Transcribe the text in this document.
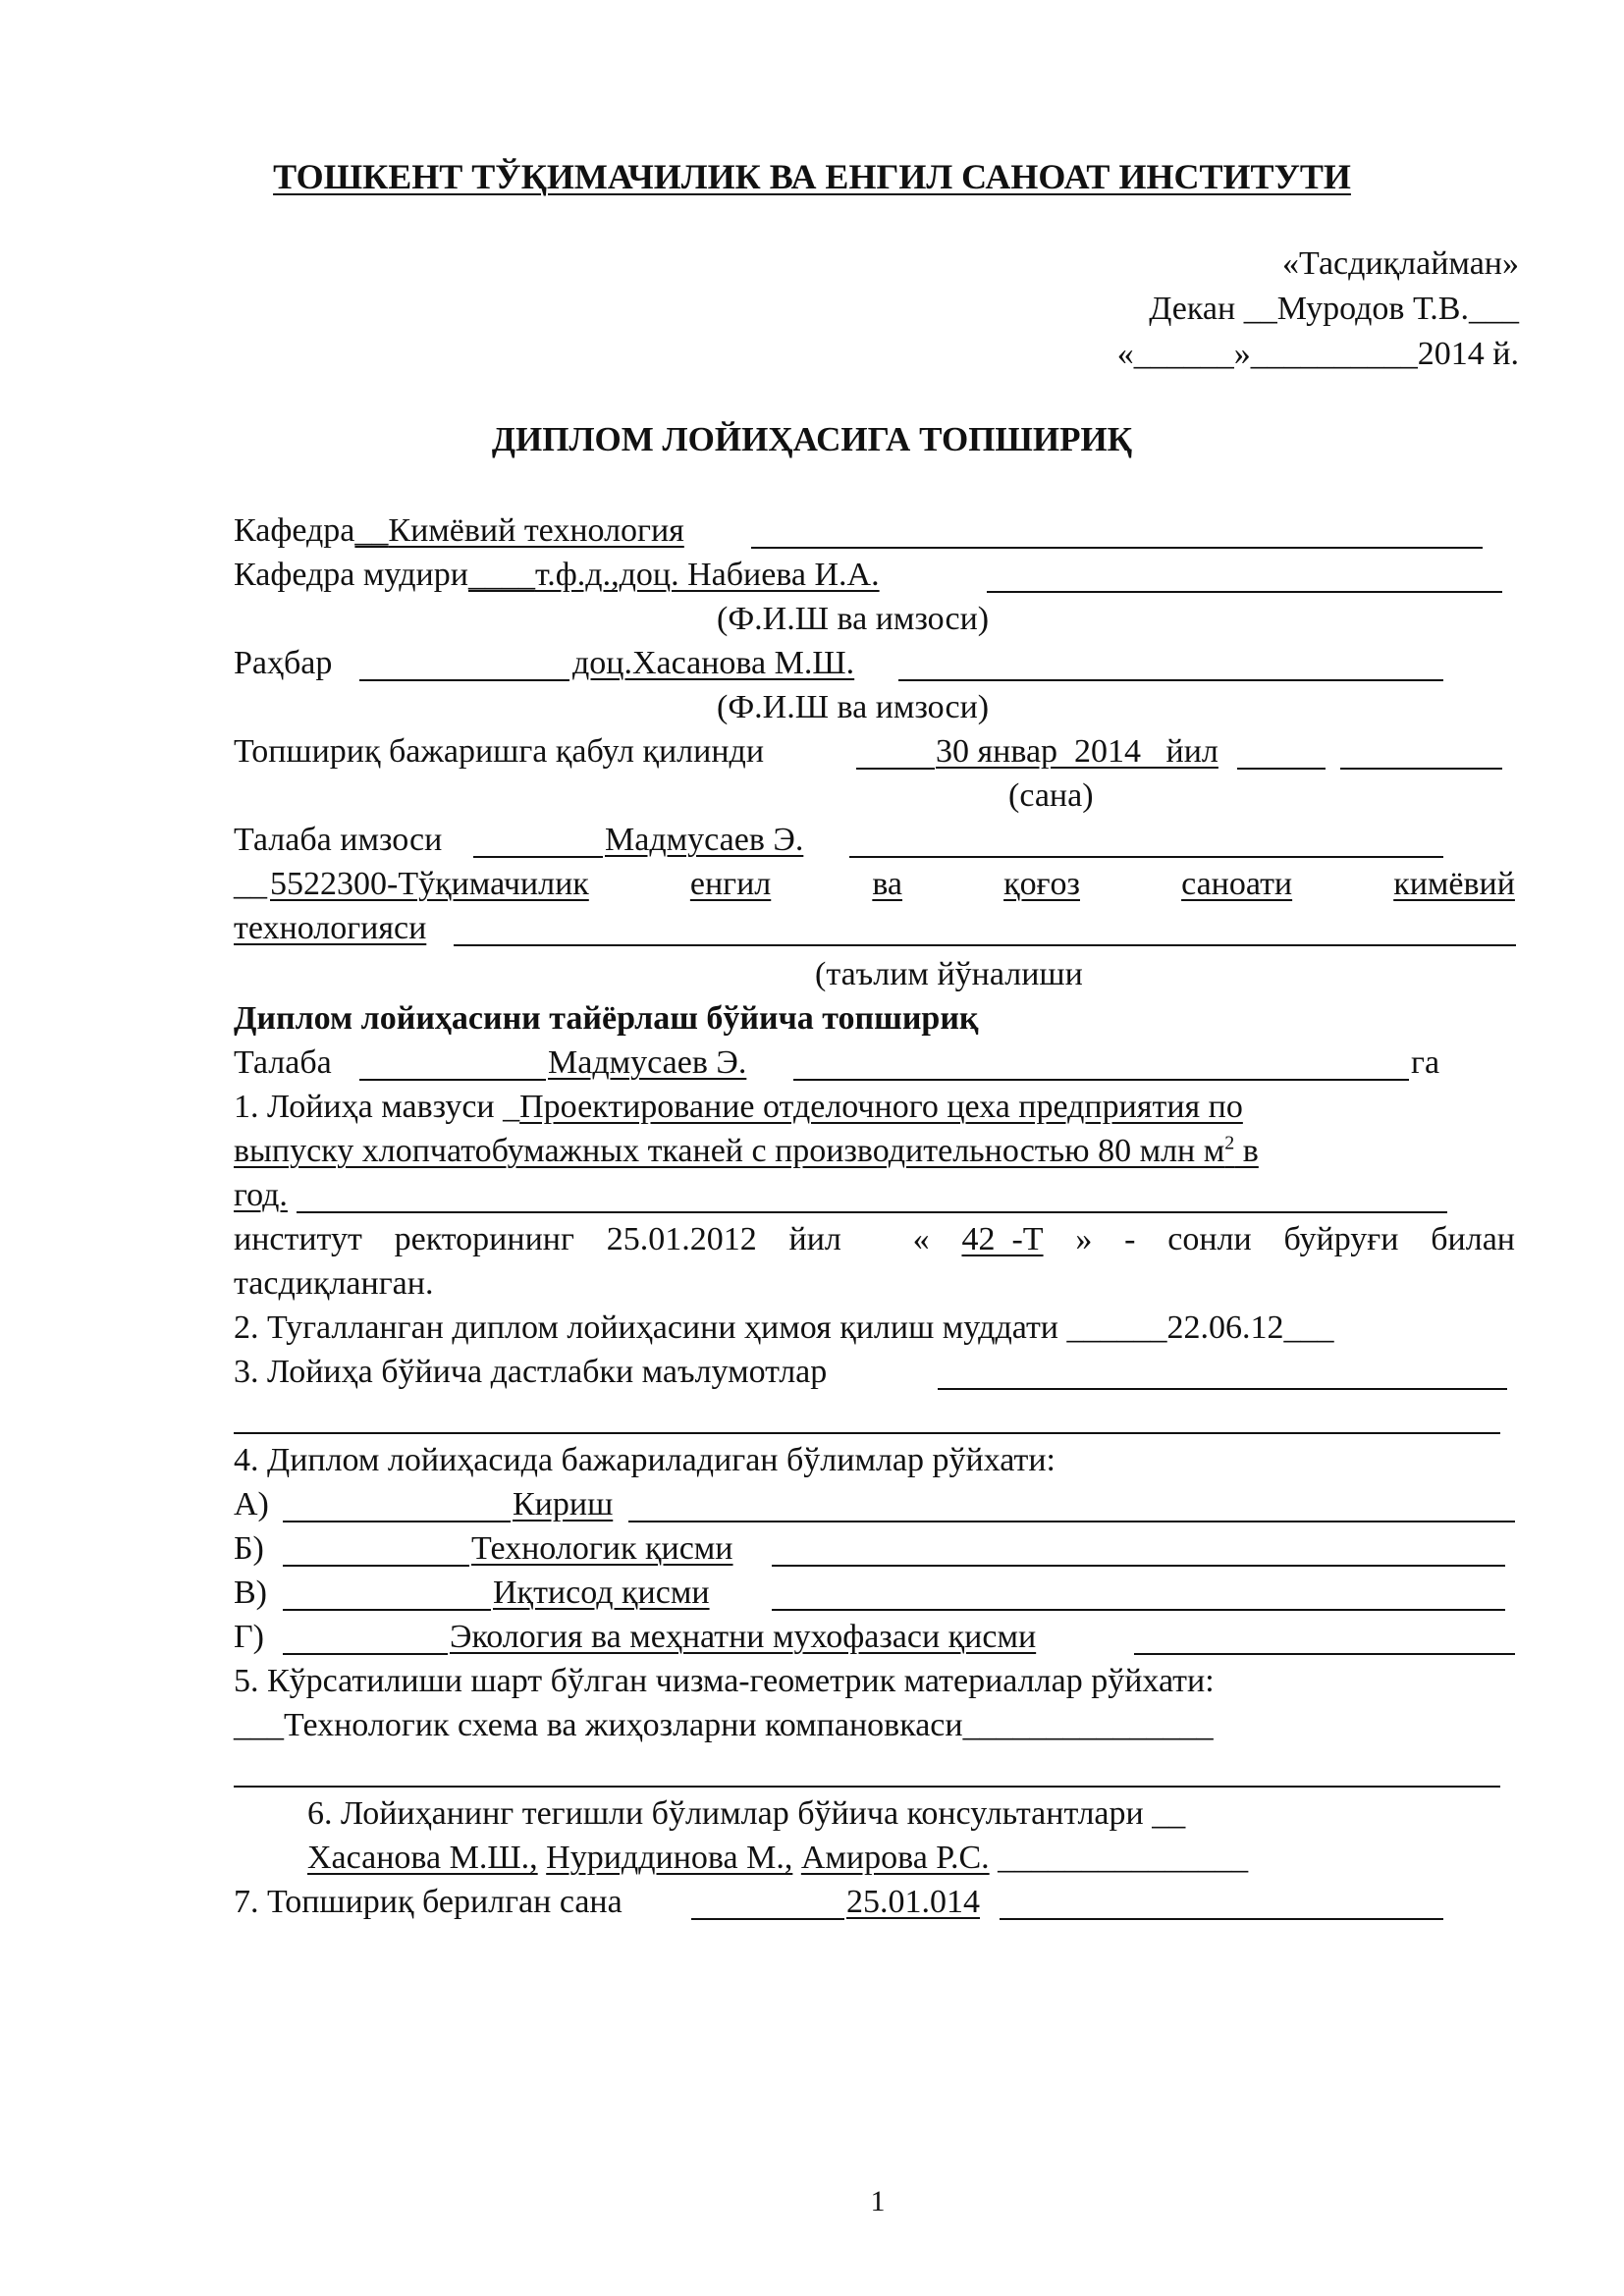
ТОШКЕНТ ТЎҚИМАЧИЛИК ВА ЕНГИЛ САНОАТ ИНСТИТУТИ
«Тасдиқлайман»
Декан __Муродов Т.В.___
«______»__________2014 й.
ДИПЛОМ ЛОЙИҲАСИГА ТОПШИРИҚ
Кафедра__Кимёвий технология
Кафедра мудири____т.ф.д.,доц. Набиева И.А.
(Ф.И.Ш ва имзоси)
Раҳбар	доц.Хасанова М.Ш.
(Ф.И.Ш ва имзоси)
Топшириқ бажаришга қабул қилинди	30 январ  2014   йил
(сана)
Талаба имзоси	Мадмусаев Э.
__ 5522300-Тўқимачилик	енгил	ва	қоғоз	саноати	кимёвий
технологияси
(таълим йўналиши
Диплом лойиҳасини тайёрлаш бўйича топшириқ
Талаба	Мадмусаев Э.	га
1. Лойиҳа мавзуси _Проектирование отделочного цеха предприятия по
выпуску хлопчатобумажных тканей с производительностью 80 млн $м^2$ в
год.
институт ректорининг 25.01.2012 йил « 42  -Т » - сонли буйруғи билан
тасдиқланган.
2. Тугалланган диплом лойиҳасини ҳимоя қилиш муддати ______22.06.12___
3. Лойиҳа бўйича дастлабки маълумотлар
4. Диплом лойиҳасида бажариладиган бўлимлар рўйхати:
А)	Кириш
Б)	Технологик қисми
В)	Иқтисод қисми
Г)	Экология ва меҳнатни мухофазаси қисми
5. Кўрсатилиши шарт бўлган чизма-геометрик материаллар рўйхати:
___Технологик схема ва жиҳозларни компановкаси_______________
6. Лойиҳанинг тегишли бўлимлар бўйича консультантлари __
Хасанова М.Ш., Нуриддинова М., Амирова Р.С. _______________
7. Топшириқ берилган сана	25.01.014
1
